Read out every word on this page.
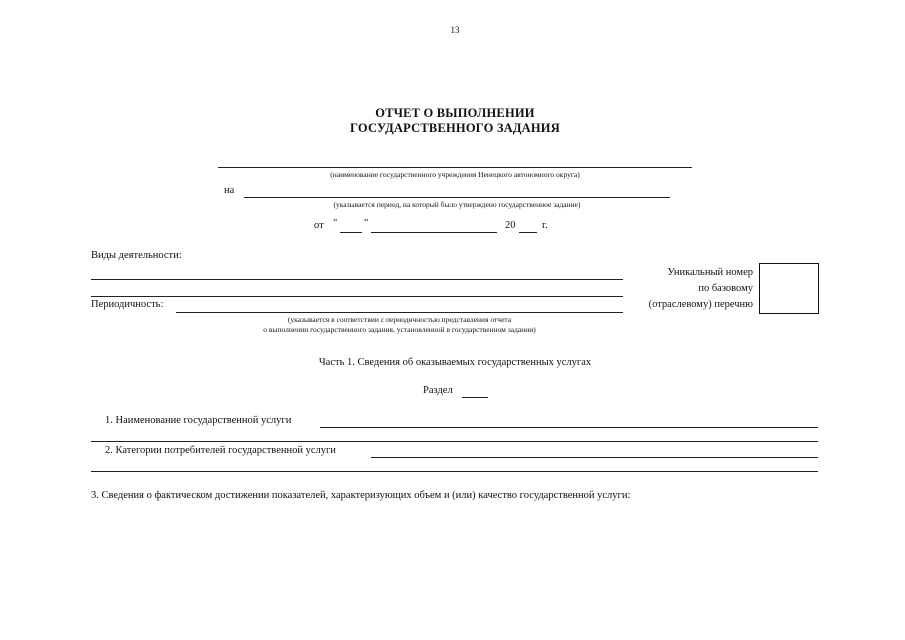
13
ОТЧЕТ О ВЫПОЛНЕНИИ
ГОСУДАРСТВЕННОГО ЗАДАНИЯ
(наименование государственного учреждения Ненецкого автономного округа)
на
(указывается период, на который было утверждено государственное задание)
от "	"	20	г.
Виды деятельности:
Периодичность:
(указывается в соответствии с периодичностью представления отчета
о выполнении государственного задания, установленной в государственном задании)
Уникальный номер
по базовому
(отраслевому) перечню
Часть 1. Сведения об оказываемых государственных услугах
Раздел
1. Наименование государственной услуги
2. Категории потребителей государственной услуги
3. Сведения о фактическом достижении показателей, характеризующих объем и (или) качество государственной услуги:
